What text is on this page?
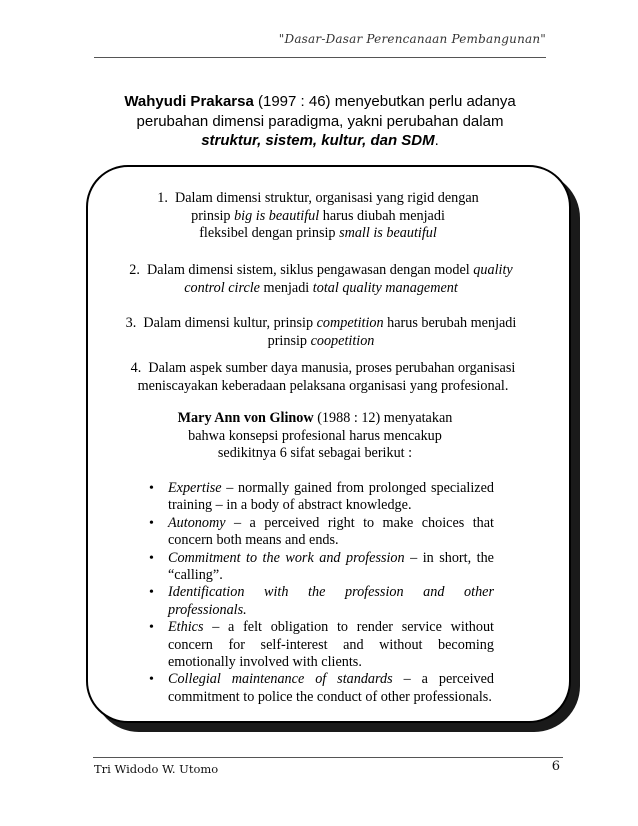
"Dasar-Dasar Perencanaan Pembangunan"
Wahyudi Prakarsa (1997 : 46) menyebutkan perlu adanya
perubahan dimensi paradigma, yakni perubahan dalam
struktur, sistem, kultur, dan SDM.
1. Dalam dimensi struktur, organisasi yang rigid dengan
prinsip big is beautiful harus diubah menjadi
fleksibel dengan prinsip small is beautiful
2. Dalam dimensi sistem, siklus pengawasan dengan model quality
control circle menjadi total quality management
3. Dalam dimensi kultur, prinsip competition harus berubah menjadi
prinsip coopetition
4. Dalam aspek sumber daya manusia, proses perubahan organisasi
meniscayakan keberadaan pelaksana organisasi yang profesional.
Mary Ann von Glinow (1988 : 12) menyatakan
bahwa konsepsi profesional harus mencakup
sedikitnya 6 sifat sebagai berikut :
• Expertise – normally gained from prolonged specialized training – in a body of abstract knowledge.
• Autonomy – a perceived right to make choices that concern both means and ends.
• Commitment to the work and profession – in short, the “calling”.
• Identification with the profession and other professionals.
• Ethics – a felt obligation to render service without concern for self-interest and without becoming emotionally involved with clients.
• Collegial maintenance of standards – a perceived commitment to police the conduct of other professionals.
Tri Widodo W. Utomo	6
